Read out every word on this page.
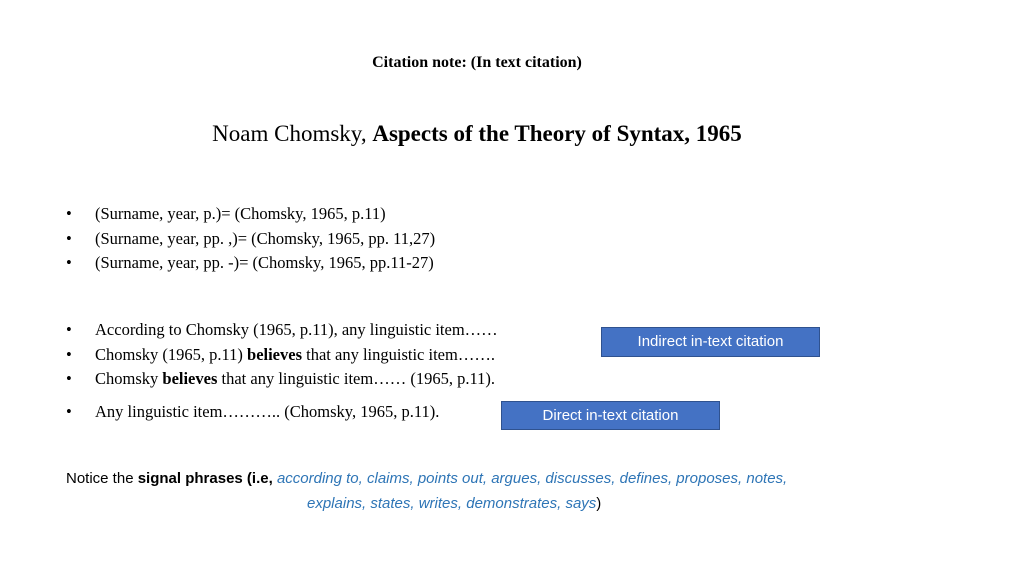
Citation note: (In text citation)
Noam Chomsky, Aspects of the Theory of Syntax, 1965
• (Surname, year, p.)= (Chomsky, 1965, p.11)
• (Surname, year, pp. ,)= (Chomsky, 1965, pp. 11,27)
• (Surname, year, pp. -)= (Chomsky, 1965, pp.11-27)
• According to Chomsky (1965, p.11), any linguistic item……
• Chomsky (1965, p.11) believes that any linguistic item…….
• Chomsky believes that any linguistic item…… (1965, p.11).
• Any linguistic item……….. (Chomsky, 1965, p.11).
Indirect in-text citation
Direct in-text citation
Notice the signal phrases (i.e, according to, claims, points out, argues, discusses, defines, proposes, notes,
explains, states, writes, demonstrates, says)
